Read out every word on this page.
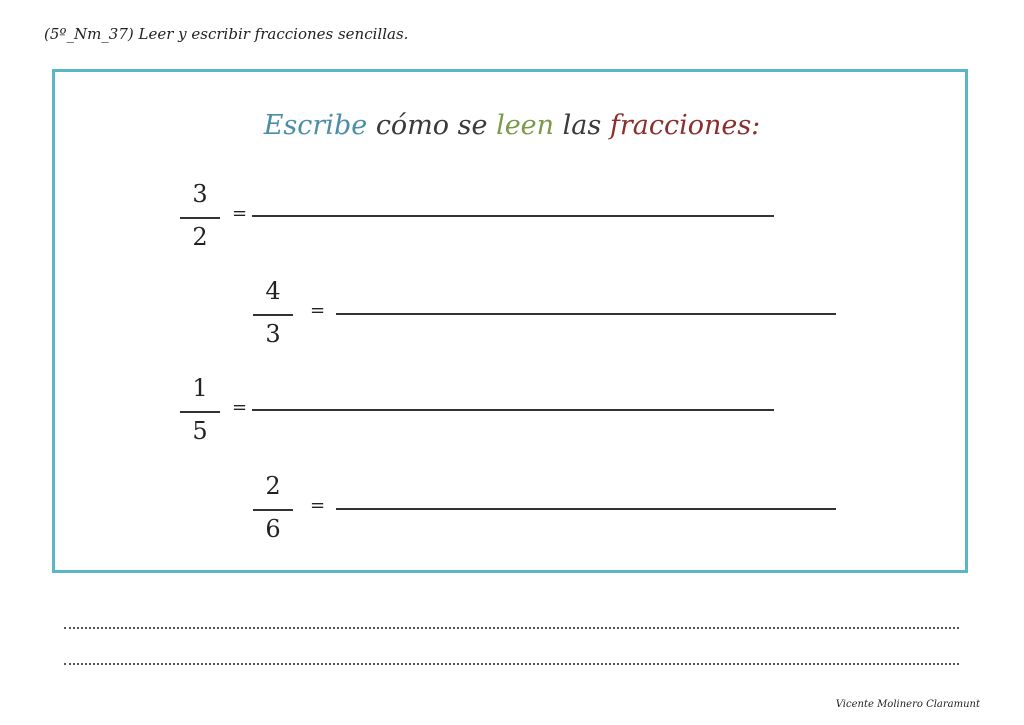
(5º_Nm_37) Leer y escribir fracciones sencillas.
Escribe cómo se leen las fracciones:
3
2
=
4
3
=
1
5
=
2
6
=
Vicente Molinero Claramunt
